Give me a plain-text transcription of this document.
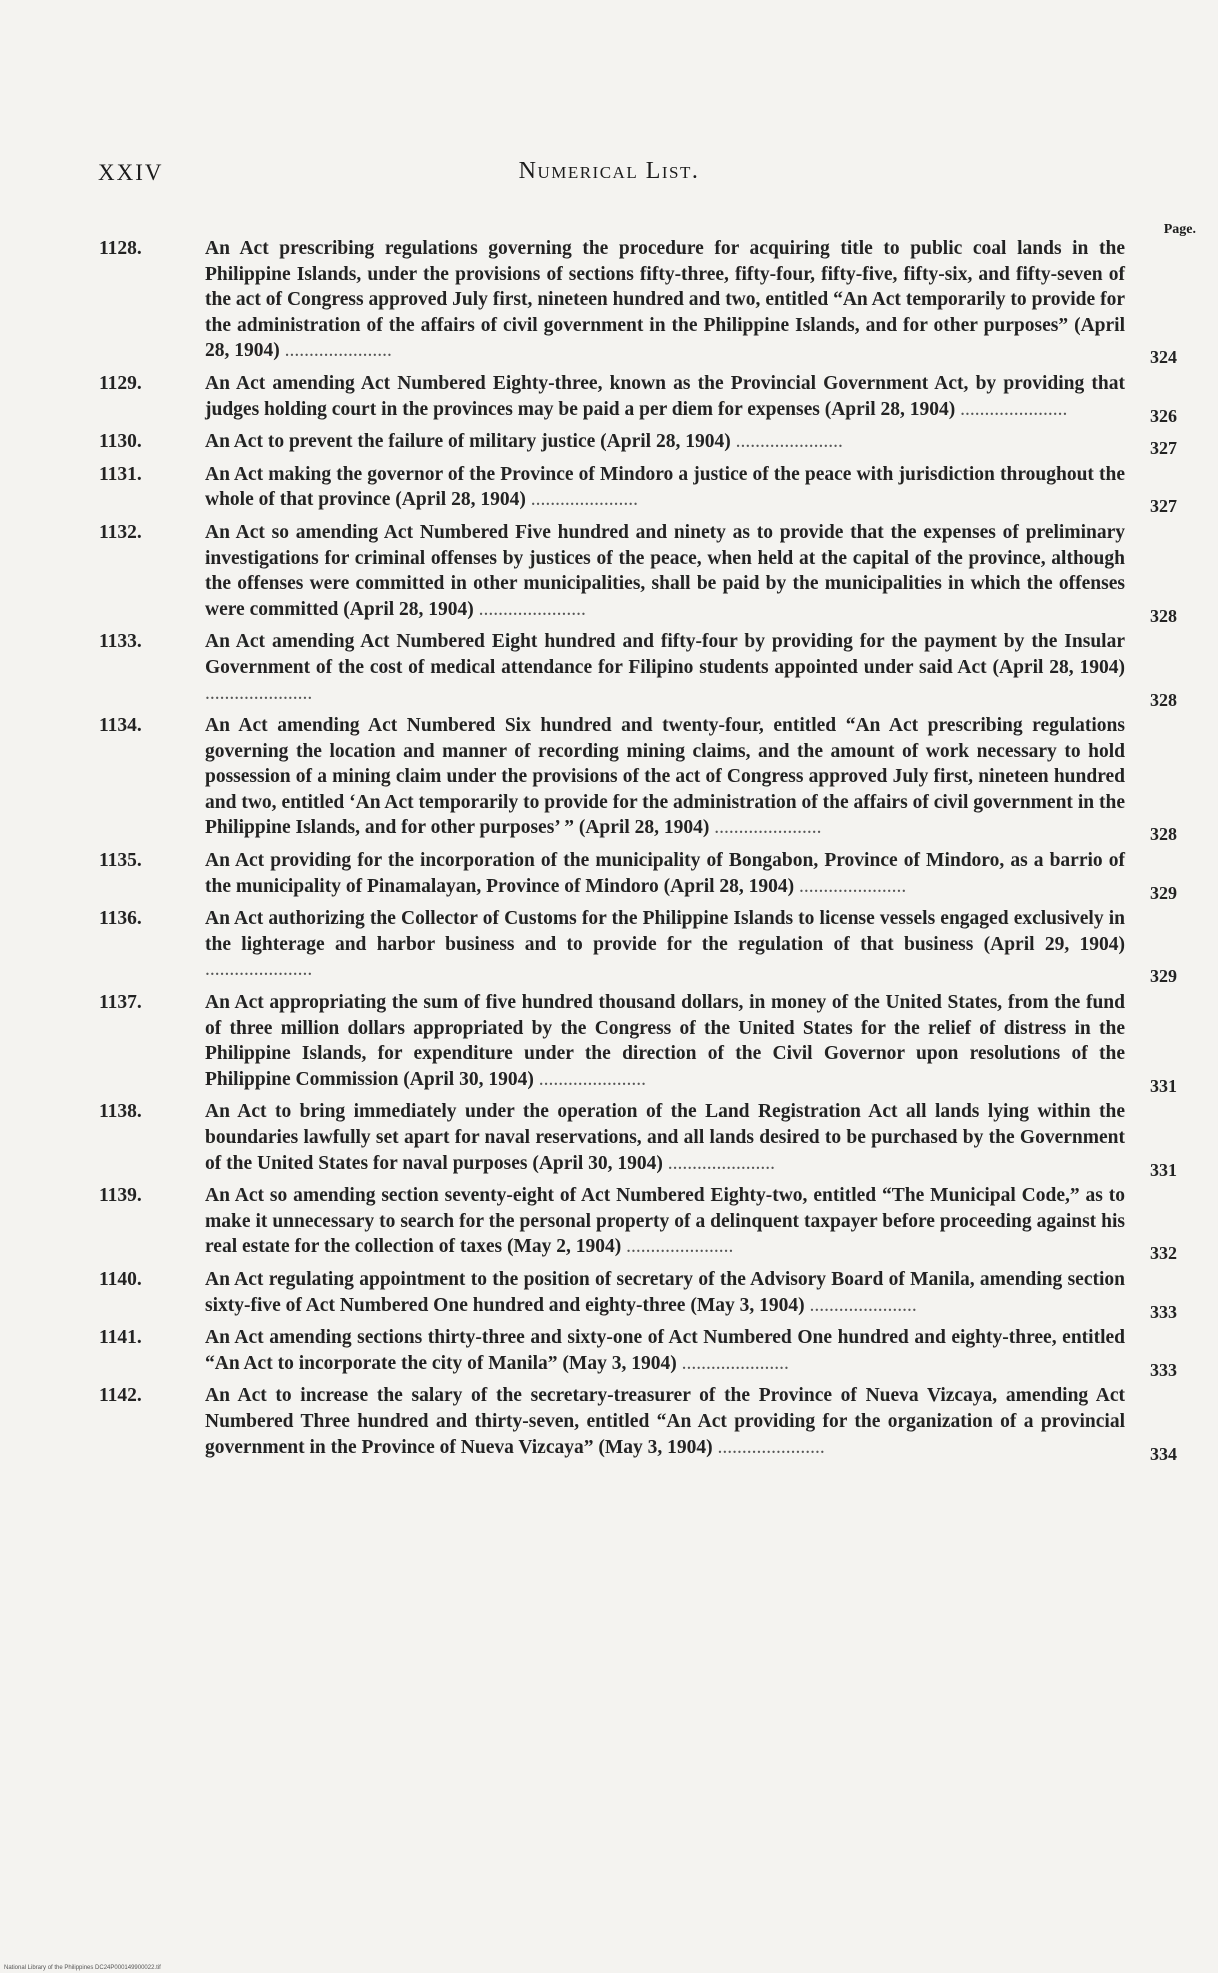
XXIV	Numerical List.
Page.
1128.	An Act prescribing regulations governing the procedure for acquiring title to public coal lands in the Philippine Islands, under the provisions of sections fifty-three, fifty-four, fifty-five, fifty-six, and fifty-seven of the act of Congress approved July first, nineteen hundred and two, entitled “An Act temporarily to provide for the administration of the affairs of civil government in the Philippine Islands, and for other purposes” (April 28, 1904) ......................	324
1129.	An Act amending Act Numbered Eighty-three, known as the Provincial Government Act, by providing that judges holding court in the provinces may be paid a per diem for expenses (April 28, 1904) ......................	326
1130.	An Act to prevent the failure of military justice (April 28, 1904) ......................	327
1131.	An Act making the governor of the Province of Mindoro a justice of the peace with jurisdiction throughout the whole of that province (April 28, 1904) ......................	327
1132.	An Act so amending Act Numbered Five hundred and ninety as to provide that the expenses of preliminary investigations for criminal offenses by justices of the peace, when held at the capital of the province, although the offenses were committed in other municipalities, shall be paid by the municipalities in which the offenses were committed (April 28, 1904) ......................	328
1133.	An Act amending Act Numbered Eight hundred and fifty-four by providing for the payment by the Insular Government of the cost of medical attendance for Filipino students appointed under said Act (April 28, 1904) ......................	328
1134.	An Act amending Act Numbered Six hundred and twenty-four, entitled “An Act prescribing regulations governing the location and manner of recording mining claims, and the amount of work necessary to hold possession of a mining claim under the provisions of the act of Congress approved July first, nineteen hundred and two, entitled ‘An Act temporarily to provide for the administration of the affairs of civil government in the Philippine Islands, and for other purposes’ ” (April 28, 1904) ......................	328
1135.	An Act providing for the incorporation of the municipality of Bongabon, Province of Mindoro, as a barrio of the municipality of Pinamalayan, Province of Mindoro (April 28, 1904) ......................	329
1136.	An Act authorizing the Collector of Customs for the Philippine Islands to license vessels engaged exclusively in the lighterage and harbor business and to provide for the regulation of that business (April 29, 1904) ......................	329
1137.	An Act appropriating the sum of five hundred thousand dollars, in money of the United States, from the fund of three million dollars appropriated by the Congress of the United States for the relief of distress in the Philippine Islands, for expenditure under the direction of the Civil Governor upon resolutions of the Philippine Commission (April 30, 1904) ......................	331
1138.	An Act to bring immediately under the operation of the Land Registration Act all lands lying within the boundaries lawfully set apart for naval reservations, and all lands desired to be purchased by the Government of the United States for naval purposes (April 30, 1904) ......................	331
1139.	An Act so amending section seventy-eight of Act Numbered Eighty-two, entitled “The Municipal Code,” as to make it unnecessary to search for the personal property of a delinquent taxpayer before proceeding against his real estate for the collection of taxes (May 2, 1904) ......................	332
1140.	An Act regulating appointment to the position of secretary of the Advisory Board of Manila, amending section sixty-five of Act Numbered One hundred and eighty-three (May 3, 1904) ......................	333
1141.	An Act amending sections thirty-three and sixty-one of Act Numbered One hundred and eighty-three, entitled “An Act to incorporate the city of Manila” (May 3, 1904) ......................	333
1142.	An Act to increase the salary of the secretary-treasurer of the Province of Nueva Vizcaya, amending Act Numbered Three hundred and thirty-seven, entitled “An Act providing for the organization of a provincial government in the Province of Nueva Vizcaya” (May 3, 1904) ......................	334
National Library of the Philippines DC24P000149900022.tif
